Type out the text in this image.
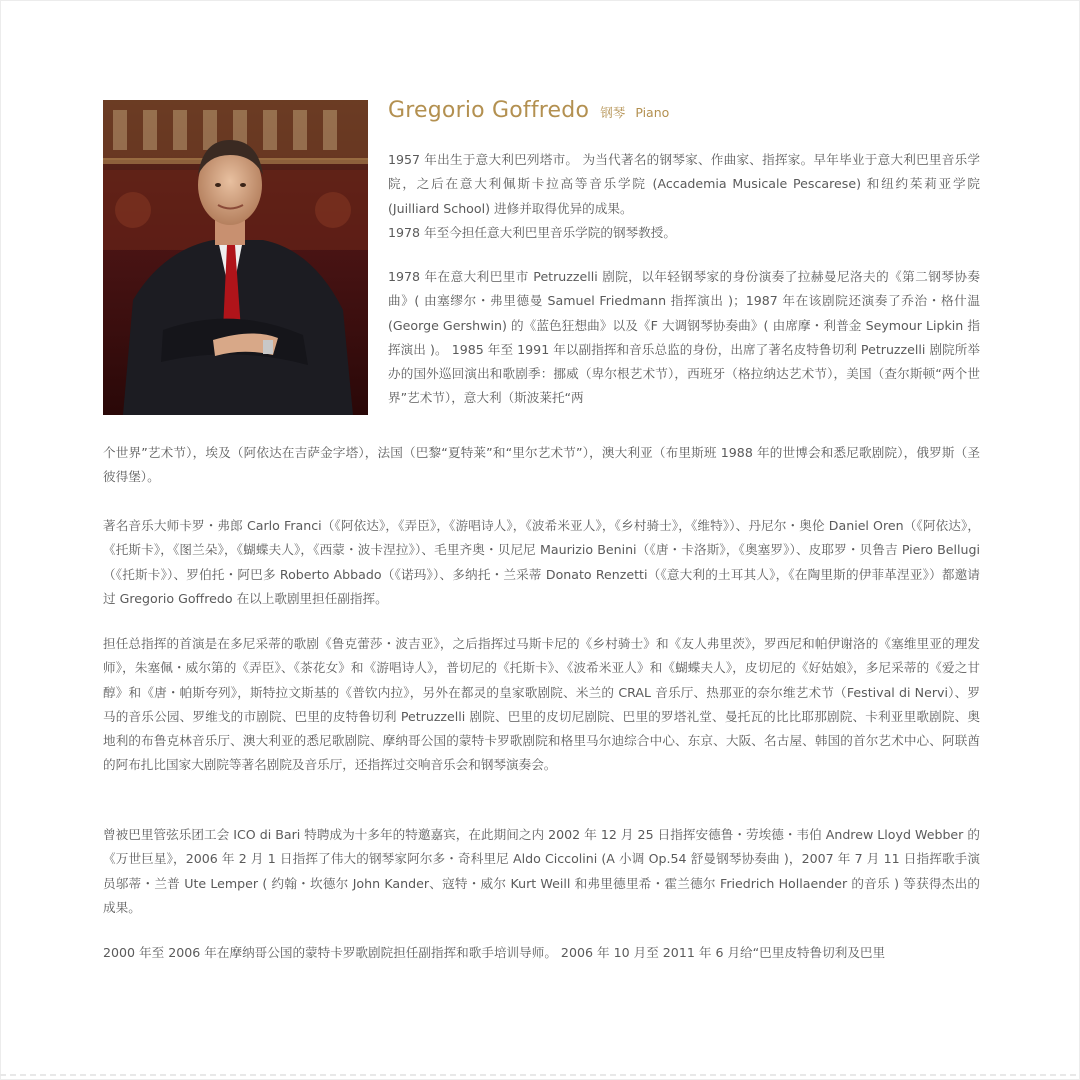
Gregorio Goffredo 钢琴 Piano

1957 年出生于意大利巴列塔市。 为当代著名的钢琴家、作曲家、指挥家。早年毕业于意大利巴里音乐学院，之后在意大利佩斯卡拉高等音乐学院 (Accademia Musicale Pescarese) 和纽约茱莉亚学院 (Juilliard School) 进修并取得优异的成果。

1978 年至今担任意大利巴里音乐学院的钢琴教授。

1978 年在意大利巴里市 Petruzzelli 剧院，以年轻钢琴家的身份演奏了拉赫曼尼洛夫的《第二钢琴协奏曲》( 由塞缪尔・弗里德曼 Samuel Friedmann 指挥演出 )；1987 年在该剧院还演奏了乔治・格什温 (George Gershwin) 的《蓝色狂想曲》以及《F 大调钢琴协奏曲》( 由席摩・利普金 Seymour Lipkin 指挥演出 )。 1985 年至 1991 年以副指挥和音乐总监的身份，出席了著名皮特鲁切利 Petruzzelli 剧院所举办的国外巡回演出和歌剧季：挪威（卑尔根艺术节），西班牙（格拉纳达艺术节），美国（查尔斯顿“两个世界”艺术节），意大利（斯波莱托“两

个世界”艺术节），埃及（阿依达在吉萨金字塔），法国（巴黎“夏特莱”和“里尔艺术节”），澳大利亚（布里斯班 1988 年的世博会和悉尼歌剧院），俄罗斯（圣彼得堡）。

著名音乐大师卡罗・弗郎 Carlo Franci（《阿依达》，《弄臣》，《游唱诗人》，《波希米亚人》，《乡村骑士》，《维特》）、丹尼尔・奥伦 Daniel Oren（《阿依达》，《托斯卡》，《图兰朵》，《蝴蝶夫人》，《西蒙・波卡涅拉》）、毛里齐奥・贝尼尼 Maurizio Benini（《唐・卡洛斯》，《奥塞罗》）、皮耶罗・贝鲁吉 Piero Bellugi（《托斯卡》）、罗伯托・阿巴多 Roberto Abbado（《诺玛》）、多纳托・兰采蒂 Donato Renzetti（《意大利的土耳其人》，《在陶里斯的伊菲革涅亚》）都邀请过 Gregorio Goffredo 在以上歌剧里担任副指挥。

担任总指挥的首演是在多尼采蒂的歌剧《鲁克蕾莎・波吉亚》，之后指挥过马斯卡尼的《乡村骑士》和《友人弗里茨》，罗西尼和帕伊谢洛的《塞维里亚的理发师》，朱塞佩・威尔第的《弄臣》、《茶花女》和《游唱诗人》，普切尼的《托斯卡》、《波希米亚人》和《蝴蝶夫人》，皮切尼的《好姑娘》，多尼采蒂的《爱之甘醇》和《唐・帕斯夸列》，斯特拉文斯基的《普钦内拉》，另外在都灵的皇家歌剧院、米兰的 CRAL 音乐厅、热那亚的奈尔维艺术节（Festival di Nervi）、罗马的音乐公园、罗维戈的市剧院、巴里的皮特鲁切利 Petruzzelli 剧院、巴里的皮切尼剧院、巴里的罗塔礼堂、曼托瓦的比比耶那剧院、卡利亚里歌剧院、奥地利的布鲁克林音乐厅、澳大利亚的悉尼歌剧院、摩纳哥公国的蒙特卡罗歌剧院和格里马尔迪综合中心、东京、大阪、名古屋、韩国的首尔艺术中心、阿联酋的阿布扎比国家大剧院等著名剧院及音乐厅，还指挥过交响音乐会和钢琴演奏会。

曾被巴里管弦乐团工会 ICO di Bari 特聘成为十多年的特邀嘉宾，在此期间之内 2002 年 12 月 25 日指挥安德鲁・劳埃德・韦伯 Andrew Lloyd Webber 的《万世巨星》，2006 年 2 月 1 日指挥了伟大的钢琴家阿尔多・奇科里尼 Aldo Ciccolini (A 小调 Op.54 舒曼钢琴协奏曲 )，2007 年 7 月 11 日指挥歌手演员邬蒂・兰普 Ute Lemper ( 约翰・坎德尔 John Kander、寇特・威尔 Kurt Weill 和弗里德里希・霍兰德尔 Friedrich Hollaender 的音乐 ) 等获得杰出的成果。

2000 年至 2006 年在摩纳哥公国的蒙特卡罗歌剧院担任副指挥和歌手培训导师。 2006 年 10 月至 2011 年 6 月给“巴里皮特鲁切利及巴里
